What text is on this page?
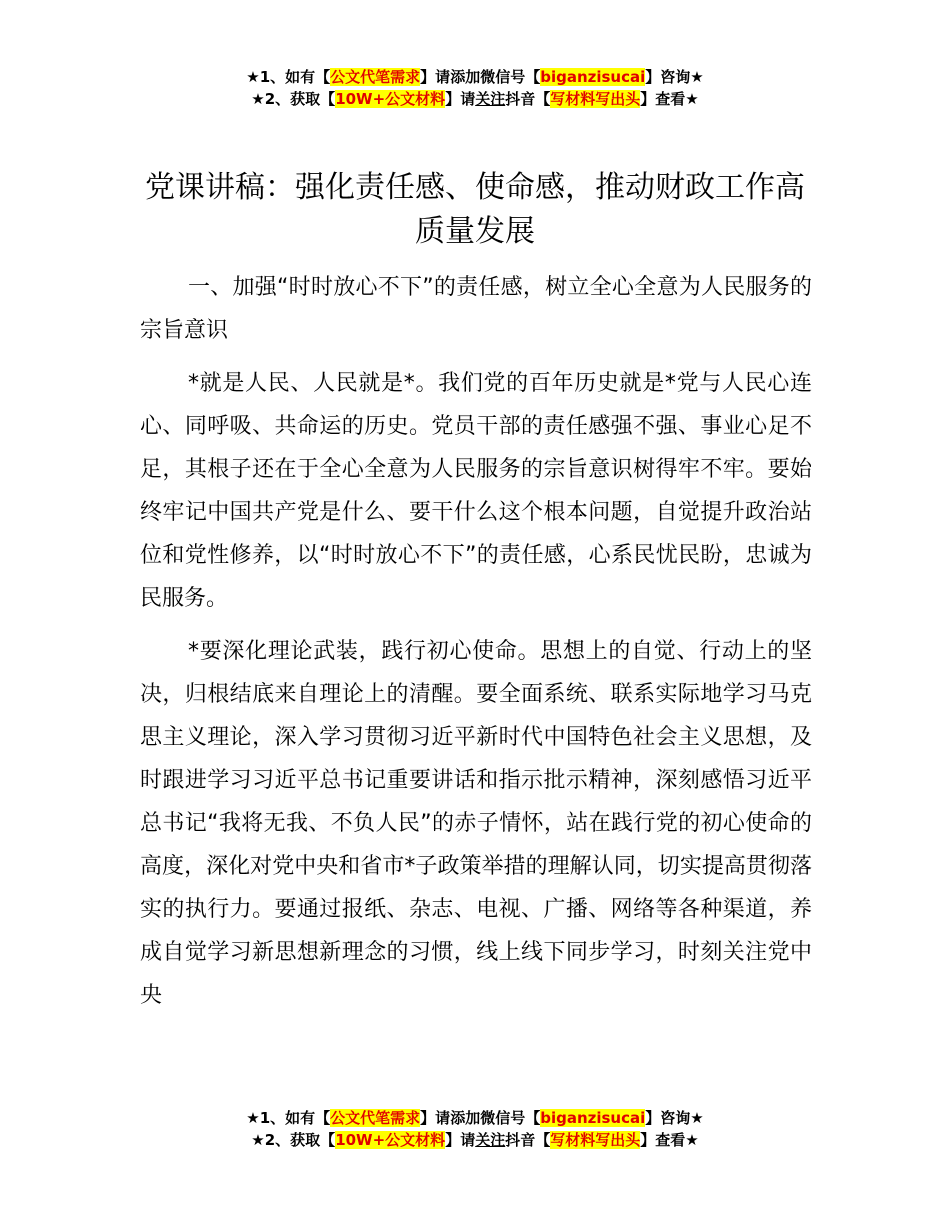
★1、如有【公文代笔需求】请添加微信号【biganzisucai】咨询★
★2、获取【10W+公文材料】请关注抖音【写材料写出头】查看★
党课讲稿：强化责任感、使命感，推动财政工作高质量发展

一、加强“时时放心不下”的责任感，树立全心全意为人民服务的宗旨意识

*就是人民、人民就是*。我们党的百年历史就是*党与人民心连心、同呼吸、共命运的历史。党员干部的责任感强不强、事业心足不足，其根子还在于全心全意为人民服务的宗旨意识树得牢不牢。要始终牢记中国共产党是什么、要干什么这个根本问题，自觉提升政治站位和党性修养，以“时时放心不下”的责任感，心系民忧民盼，忠诚为民服务。

*要深化理论武装，践行初心使命。思想上的自觉、行动上的坚决，归根结底来自理论上的清醒。要全面系统、联系实际地学习马克思主义理论，深入学习贯彻习近平新时代中国特色社会主义思想，及时跟进学习习近平总书记重要讲话和指示批示精神，深刻感悟习近平总书记“我将无我、不负人民”的赤子情怀，站在践行党的初心使命的高度，深化对党中央和省市*子政策举措的理解认同，切实提高贯彻落实的执行力。要通过报纸、杂志、电视、广播、网络等各种渠道，养成自觉学习新思想新理念的习惯，线上线下同步学习，时刻关注党中央

★1、如有【公文代笔需求】请添加微信号【biganzisucai】咨询★
★2、获取【10W+公文材料】请关注抖音【写材料写出头】查看★
